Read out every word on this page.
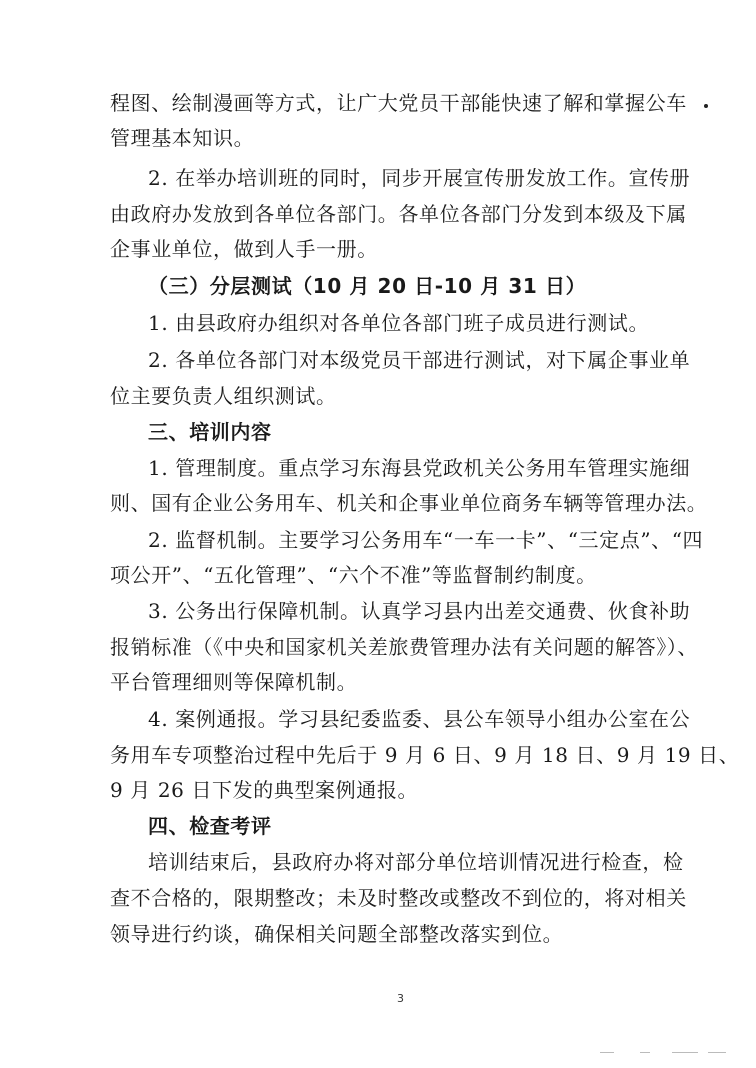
程图、绘制漫画等方式，让广大党员干部能快速了解和掌握公车
管理基本知识。
2. 在举办培训班的同时，同步开展宣传册发放工作。宣传册
由政府办发放到各单位各部门。各单位各部门分发到本级及下属
企事业单位，做到人手一册。
（三）分层测试（10 月 20 日-10 月 31 日）
1. 由县政府办组织对各单位各部门班子成员进行测试。
2. 各单位各部门对本级党员干部进行测试，对下属企事业单
位主要负责人组织测试。
三、培训内容
1. 管理制度。重点学习东海县党政机关公务用车管理实施细
则、国有企业公务用车、机关和企事业单位商务车辆等管理办法。
2. 监督机制。主要学习公务用车“一车一卡”、“三定点”、“四
项公开”、“五化管理”、“六个不准”等监督制约制度。
3. 公务出行保障机制。认真学习县内出差交通费、伙食补助
报销标准（《中央和国家机关差旅费管理办法有关问题的解答》）、
平台管理细则等保障机制。
4. 案例通报。学习县纪委监委、县公车领导小组办公室在公
务用车专项整治过程中先后于 9 月 6 日、9 月 18 日、9 月 19 日、
9 月 26 日下发的典型案例通报。
四、检查考评
培训结束后，县政府办将对部分单位培训情况进行检查，检
查不合格的，限期整改；未及时整改或整改不到位的，将对相关
领导进行约谈，确保相关问题全部整改落实到位。
3
